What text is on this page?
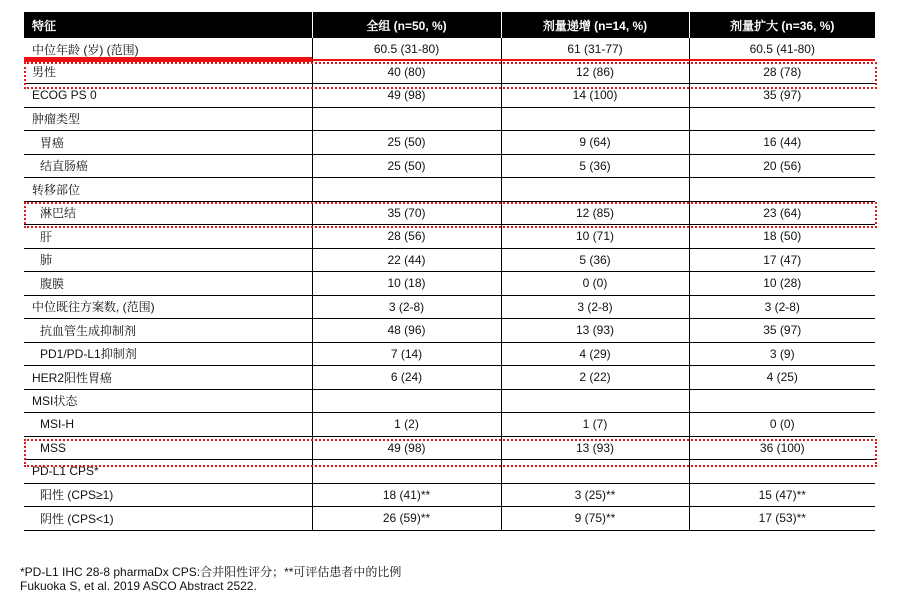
特征	全组 (n=50, %)	剂量递增 (n=14, %)	剂量扩大 (n=36, %)
中位年龄 (岁) (范围)	60.5 (31-80)	61 (31-77)	60.5 (41-80)
男性	40 (80)	12 (86)	28 (78)
ECOG PS 0	49 (98)	14 (100)	35 (97)
肿瘤类型			
胃癌	25 (50)	9 (64)	16 (44)
结直肠癌	25 (50)	5 (36)	20 (56)
转移部位			
淋巴结	35 (70)	12 (85)	23 (64)
肝	28 (56)	10 (71)	18 (50)
肺	22 (44)	5 (36)	17 (47)
腹膜	10 (18)	0 (0)	10 (28)
中位既往方案数, (范围)	3 (2-8)	3 (2-8)	3 (2-8)
抗血管生成抑制剂	48 (96)	13 (93)	35 (97)
PD1/PD-L1抑制剂	7 (14)	4 (29)	3 (9)
HER2阳性胃癌	6 (24)	2 (22)	4 (25)
MSI状态			
MSI-H	1 (2)	1 (7)	0 (0)
MSS	49 (98)	13 (93)	36 (100)
PD-L1 CPS*			
阳性 (CPS≥1)	18 (41)**	3 (25)**	15 (47)**
阴性 (CPS<1)	26 (59)**	9 (75)**	17 (53)**
*PD-L1 IHC 28-8 pharmaDx CPS:合并阳性评分；**可评估患者中的比例
Fukuoka S, et al. 2019 ASCO Abstract 2522.
